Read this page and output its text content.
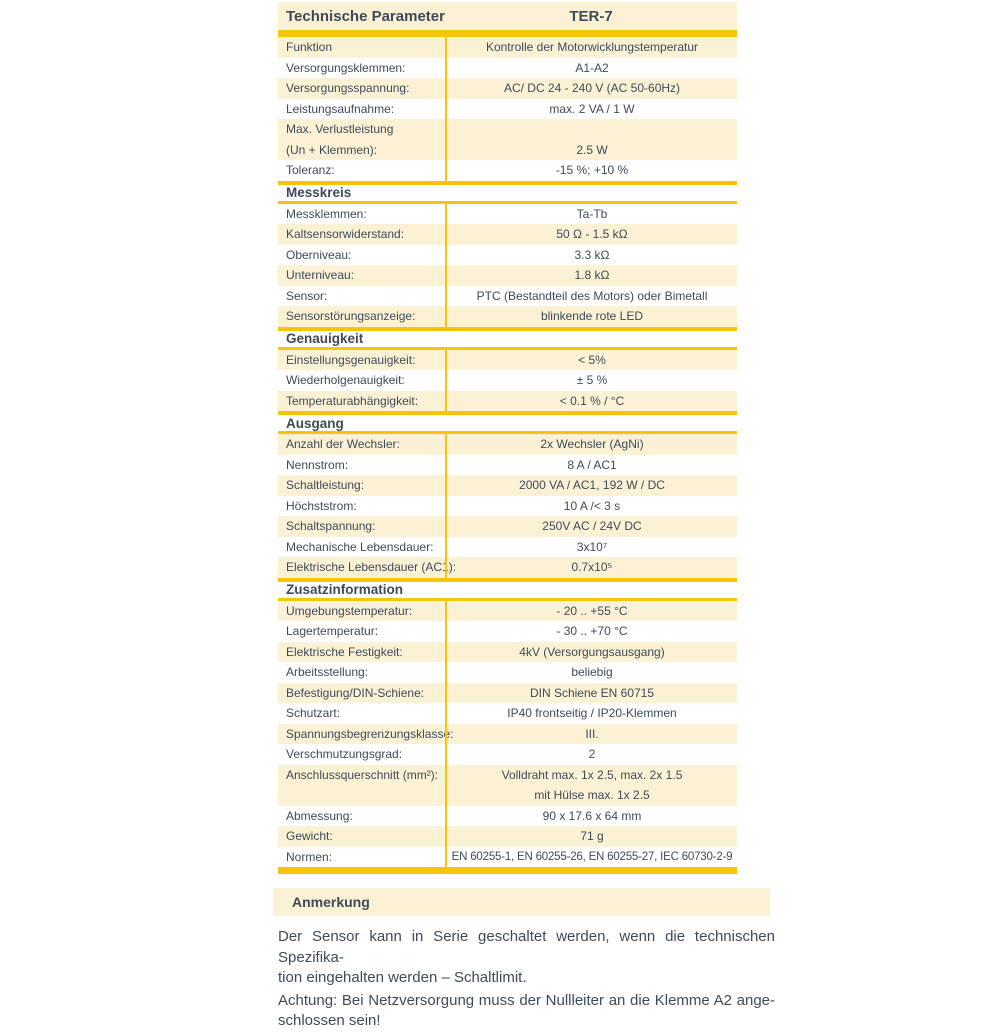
Technische Parameter	TER-7
Funktion	Kontrolle der Motorwicklungstemperatur
Versorgungsklemmen:	A1-A2
Versorgungsspannung:	AC/ DC 24 - 240 V (AC 50-60Hz)
Leistungsaufnahme:	max. 2 VA / 1 W
Max. Verlustleistung
(Un + Klemmen):	2.5 W
Toleranz:	-15 %; +10 %
Messkreis
Messklemmen:	Ta-Tb
Kaltsensorwiderstand:	50 Ω - 1.5 kΩ
Oberniveau:	3.3 kΩ
Unterniveau:	1.8 kΩ
Sensor:	PTC (Bestandteil des Motors) oder Bimetall
Sensorstörungsanzeige:	blinkende rote LED
Genauigkeit
Einstellungsgenauigkeit:	< 5%
Wiederholgenauigkeit:	± 5 %
Temperaturabhängigkeit:	< 0.1 % / °C
Ausgang
Anzahl der Wechsler:	2x Wechsler (AgNi)
Nennstrom:	8 A / AC1
Schaltleistung:	2000 VA / AC1, 192 W / DC
Höchststrom:	10 A /< 3 s
Schaltspannung:	250V AC / 24V DC
Mechanische Lebensdauer:	3x10⁷
Elektrische Lebensdauer (AC1):	0.7x10⁵
Zusatzinformation
Umgebungstemperatur:	- 20 .. +55 °C
Lagertemperatur:	- 30 .. +70 °C
Elektrische Festigkeit:	4kV (Versorgungsausgang)
Arbeitsstellung:	beliebig
Befestigung/DIN-Schiene:	DIN Schiene EN 60715
Schutzart:	IP40 frontseitig / IP20-Klemmen
Spannungsbegrenzungsklasse:	III.
Verschmutzungsgrad:	2
Anschlussquerschnitt (mm²):	Volldraht max. 1x 2.5, max. 2x 1.5
mit Hülse max. 1x 2.5
Abmessung:	90 x 17.6 x 64 mm
Gewicht:	71 g
Normen:	EN 60255-1, EN 60255-26, EN 60255-27, IEC 60730-2-9
Anmerkung
Der Sensor kann in Serie geschaltet werden, wenn die technischen Spezifika-
tion eingehalten werden – Schaltlimit.
Achtung: Bei Netzversorgung muss der Nullleiter an die Klemme A2 ange-
schlossen sein!
